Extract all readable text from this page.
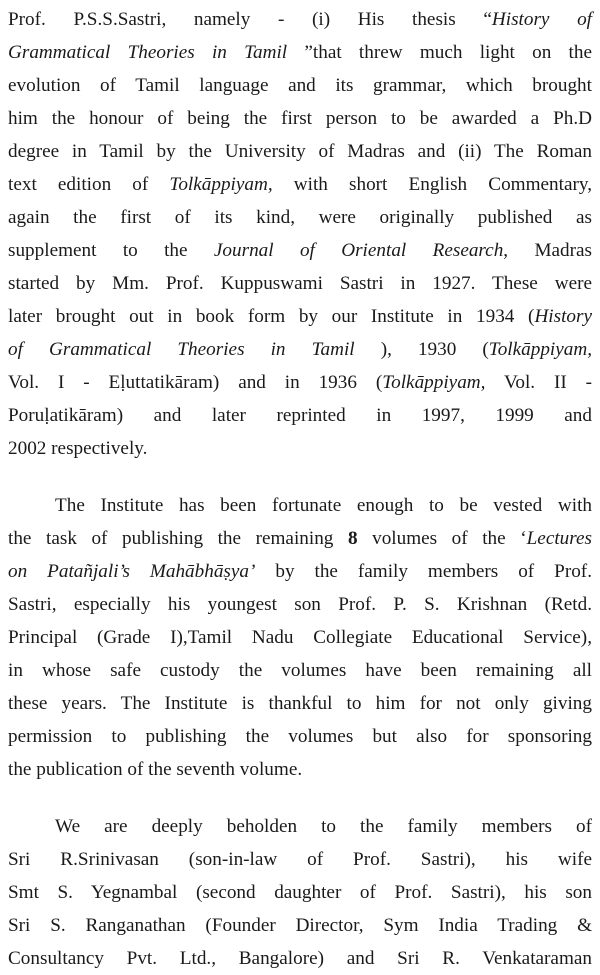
Prof. P.S.S.Sastri, namely - (i) His thesis “History of
Grammatical Theories in Tamil ”that threw much light on the
evolution of Tamil language and its grammar, which brought
him the honour of being the first person to be awarded a Ph.D
degree in Tamil by the University of Madras and (ii) The Roman
text edition of Tolkāppiyam, with short English Commentary,
again the first of its kind, were originally published as
supplement to the Journal of Oriental Research, Madras
started by Mm. Prof. Kuppuswami Sastri in 1927. These were
later brought out in book form by our Institute in 1934 (History
of Grammatical Theories in Tamil ), 1930 (Tolkāppiyam,
Vol. I - Eḷuttatikāram) and in 1936 (Tolkāppiyam, Vol. II -
Poruḷatikāram) and later reprinted in 1997, 1999 and
2002 respectively.
The Institute has been fortunate enough to be vested with
the task of publishing the remaining 8 volumes of the ‘Lectures
on Patañjali’s Mahābhāṣya’ by the family members of Prof.
Sastri, especially his youngest son Prof. P. S. Krishnan (Retd.
Principal (Grade I),Tamil Nadu Collegiate Educational Service),
in whose safe custody the volumes have been remaining all
these years. The Institute is thankful to him for not only giving
permission to publishing the volumes but also for sponsoring
the publication of the seventh volume.
We are deeply beholden to the family members of
Sri R.Srinivasan (son-in-law of Prof. Sastri), his wife
Smt S. Yegnambal (second daughter of Prof. Sastri), his son
Sri S. Ranganathan (Founder Director, Sym India Trading &
Consultancy Pvt. Ltd., Bangalore) and Sri R. Venkataraman
